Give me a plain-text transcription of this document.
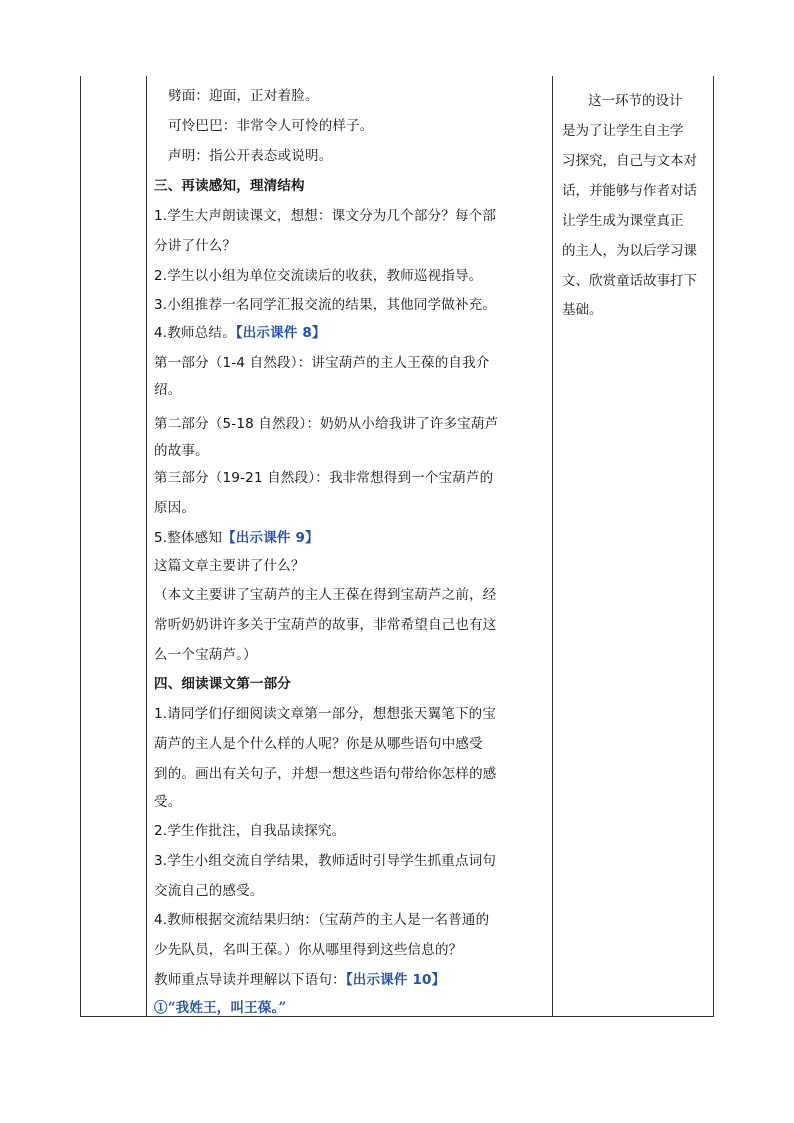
劈面：迎面，正对着脸。
可怜巴巴：非常令人可怜的样子。
声明：指公开表态或说明。
三、再读感知，理清结构
1.学生大声朗读课文，想想：课文分为几个部分？每个部
分讲了什么？
2.学生以小组为单位交流读后的收获，教师巡视指导。
3.小组推荐一名同学汇报交流的结果，其他同学做补充。
4.教师总结。【出示课件 8】
第一部分（1-4 自然段）：讲宝葫芦的主人王葆的自我介
绍。
第二部分（5-18 自然段）：奶奶从小给我讲了许多宝葫芦
的故事。
第三部分（19-21 自然段）：我非常想得到一个宝葫芦的
原因。
5.整体感知【出示课件 9】
这篇文章主要讲了什么？
（本文主要讲了宝葫芦的主人王葆在得到宝葫芦之前，经
常听奶奶讲许多关于宝葫芦的故事，非常希望自己也有这
么一个宝葫芦。）
四、细读课文第一部分
1.请同学们仔细阅读文章第一部分，想想张天翼笔下的宝
葫芦的主人是个什么样的人呢？你是从哪些语句中感受
到的。画出有关句子，并想一想这些语句带给你怎样的感
受。
2.学生作批注，自我品读探究。
3.学生小组交流自学结果，教师适时引导学生抓重点词句
交流自己的感受。
4.教师根据交流结果归纳：（宝葫芦的主人是一名普通的
少先队员，名叫王葆。）你从哪里得到这些信息的？
教师重点导读并理解以下语句：【出示课件 10】
①“我姓王，叫王葆。”
这一环节的设计
是为了让学生自主学
习探究，自己与文本对
话，并能够与作者对话
让学生成为课堂真正
的主人，为以后学习课
文、欣赏童话故事打下
基础。
